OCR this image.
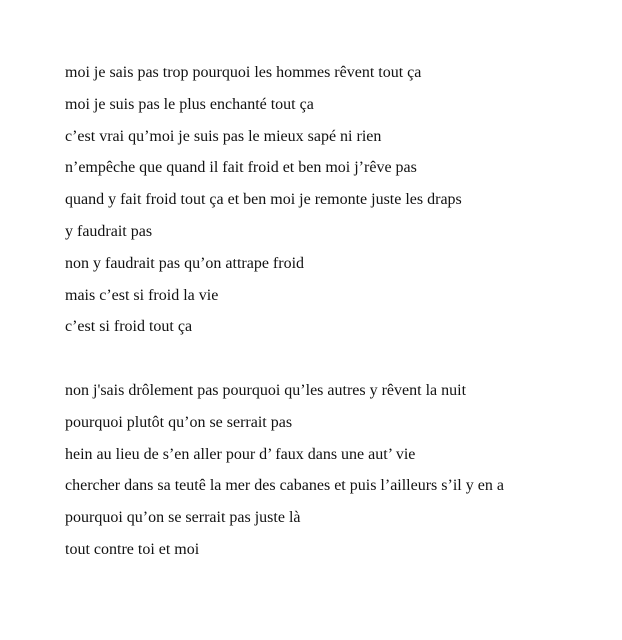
moi je sais pas trop pourquoi les hommes rêvent tout ça
moi je suis pas le plus enchanté tout ça
c’est vrai qu’moi je suis pas le mieux sapé ni rien
n’empêche que quand il fait froid et ben moi j’rêve pas
quand y fait froid tout ça et ben moi je remonte juste les draps
y faudrait pas
non y faudrait pas qu’on attrape froid
mais c’est si froid la vie
c’est si froid tout ça
non j'sais drôlement pas pourquoi qu’les autres y rêvent la nuit
pourquoi plutôt qu’on se serrait pas
hein au lieu de s’en aller pour d’ faux dans une aut’ vie
chercher dans sa teutê la mer des cabanes et puis l’ailleurs s’il y en a
pourquoi qu’on se serrait pas juste là
tout contre toi et moi
